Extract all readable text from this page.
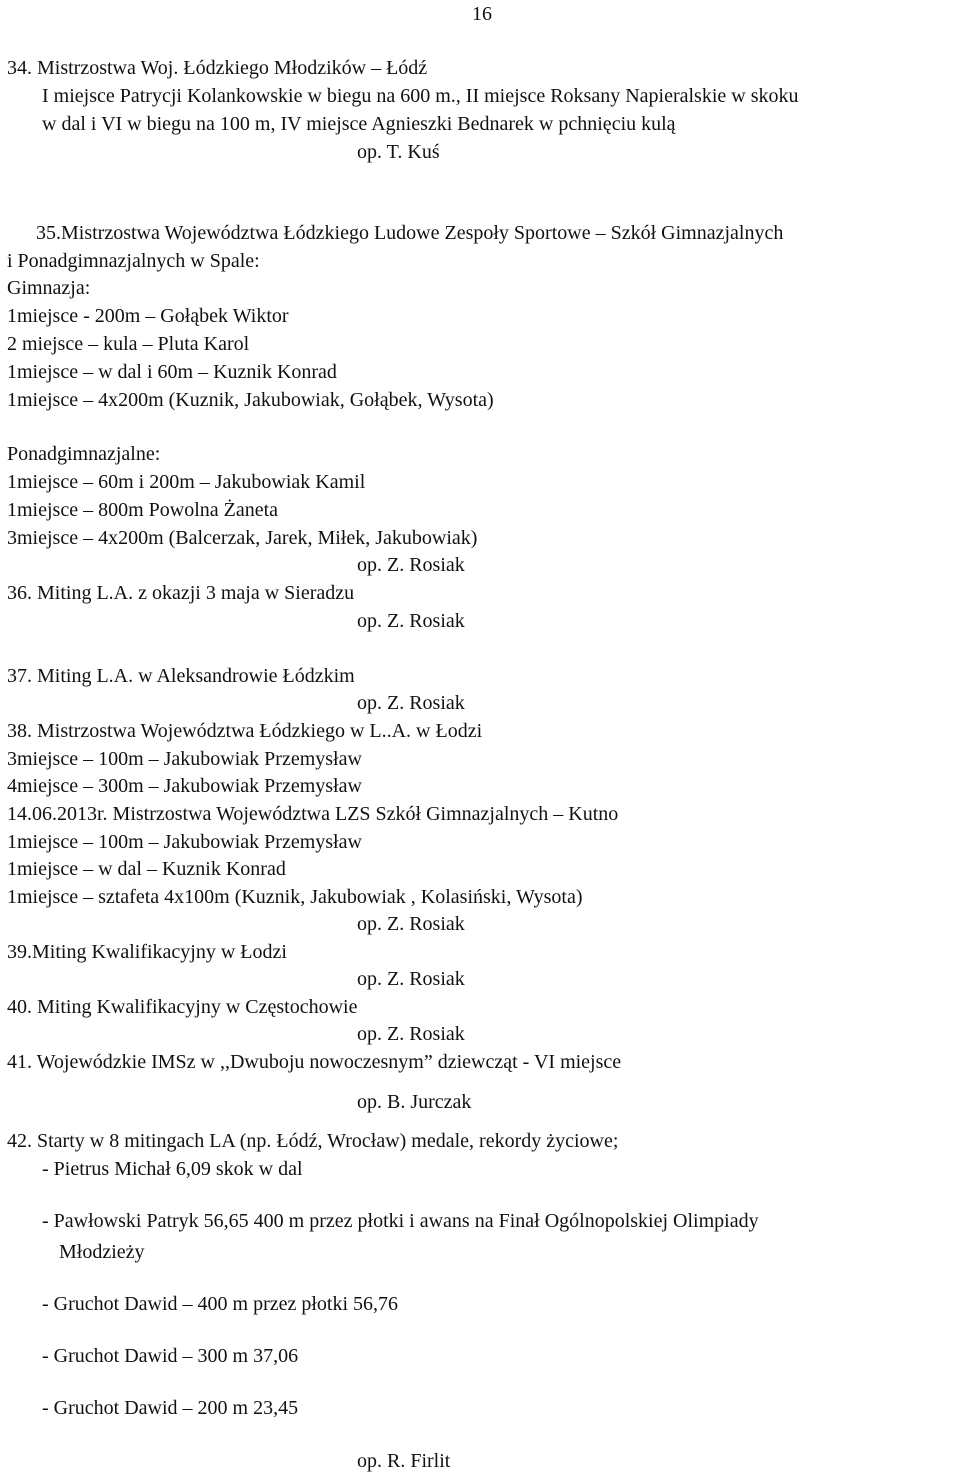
16
34. Mistrzostwa Woj. Łódzkiego Młodzików – Łódź
I miejsce Patrycji Kolankowskie w biegu na 600 m., II miejsce Roksany Napieralskie w skoku
w dal i VI w biegu na 100 m, IV miejsce Agnieszki Bednarek w pchnięciu kulą
op. T. Kuś
35.Mistrzostwa Województwa Łódzkiego Ludowe Zespoły Sportowe – Szkół Gimnazjalnych
i Ponadgimnazjalnych w Spale:
Gimnazja:
1miejsce - 200m – Gołąbek Wiktor
2 miejsce – kula – Pluta Karol
1miejsce – w dal i 60m – Kuznik Konrad
1miejsce – 4x200m (Kuznik, Jakubowiak, Gołąbek, Wysota)
Ponadgimnazjalne:
1miejsce – 60m i 200m – Jakubowiak Kamil
1miejsce – 800m Powolna Żaneta
3miejsce – 4x200m (Balcerzak, Jarek, Miłek, Jakubowiak)
op. Z. Rosiak
36. Miting L.A. z okazji 3 maja w Sieradzu
op. Z. Rosiak
37. Miting L.A. w Aleksandrowie Łódzkim
op. Z. Rosiak
38. Mistrzostwa Województwa Łódzkiego w L..A. w Łodzi
3miejsce – 100m – Jakubowiak Przemysław
4miejsce – 300m – Jakubowiak Przemysław
14.06.2013r. Mistrzostwa Województwa LZS Szkół Gimnazjalnych – Kutno
1miejsce – 100m – Jakubowiak Przemysław
1miejsce – w dal – Kuznik Konrad
1miejsce – sztafeta 4x100m (Kuznik, Jakubowiak , Kolasiński, Wysota)
op. Z. Rosiak
39.Miting Kwalifikacyjny w Łodzi
op. Z. Rosiak
40. Miting Kwalifikacyjny w Częstochowie
op. Z. Rosiak
41. Wojewódzkie IMSz w ,,Dwuboju nowoczesnym” dziewcząt - VI miejsce
op. B. Jurczak
42. Starty w 8 mitingach LA (np. Łódź, Wrocław) medale, rekordy życiowe;
- Pietrus Michał 6,09 skok w dal
- Pawłowski Patryk 56,65 400 m przez płotki i awans na Finał Ogólnopolskiej Olimpiady
Młodzieży
- Gruchot Dawid – 400 m przez płotki 56,76
- Gruchot Dawid – 300 m 37,06
- Gruchot Dawid – 200 m 23,45
op. R. Firlit
